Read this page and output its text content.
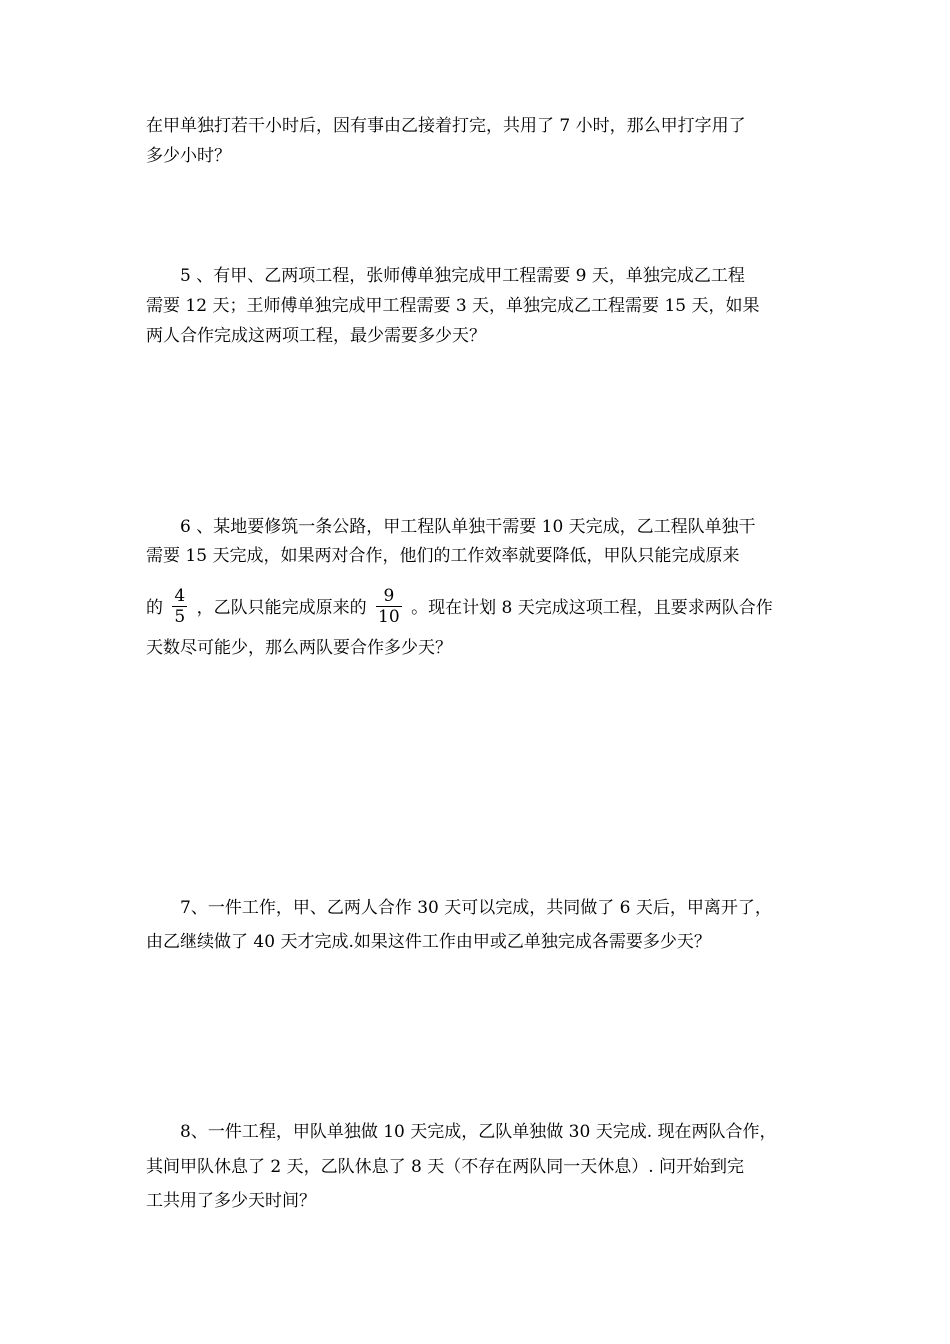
在甲单独打若干小时后，因有事由乙接着打完，共用了 7 小时，那么甲打字用了
多少小时？
5 、有甲、乙两项工程，张师傅单独完成甲工程需要 9 天，单独完成乙工程
需要 12 天；王师傅单独完成甲工程需要 3 天，单独完成乙工程需要 15 天，如果
两人合作完成这两项工程，最少需要多少天？
6 、某地要修筑一条公路，甲工程队单独干需要 10 天完成，乙工程队单独干
需要 15 天完成，如果两对合作，他们的工作效率就要降低，甲队只能完成原来
的 $\frac{4}{5}$ ，乙队只能完成原来的 $\frac{9}{10}$ 。现在计划 8 天完成这项工程，且要求两队合作
天数尽可能少，那么两队要合作多少天？
7、一件工作，甲、乙两人合作 30 天可以完成，共同做了 6 天后，甲离开了，
由乙继续做了 40 天才完成.如果这件工作由甲或乙单独完成各需要多少天？
8、一件工程，甲队单独做 10 天完成，乙队单独做 30 天完成. 现在两队合作，
其间甲队休息了 2 天，乙队休息了 8 天（不存在两队同一天休息）. 问开始到完
工共用了多少天时间？
